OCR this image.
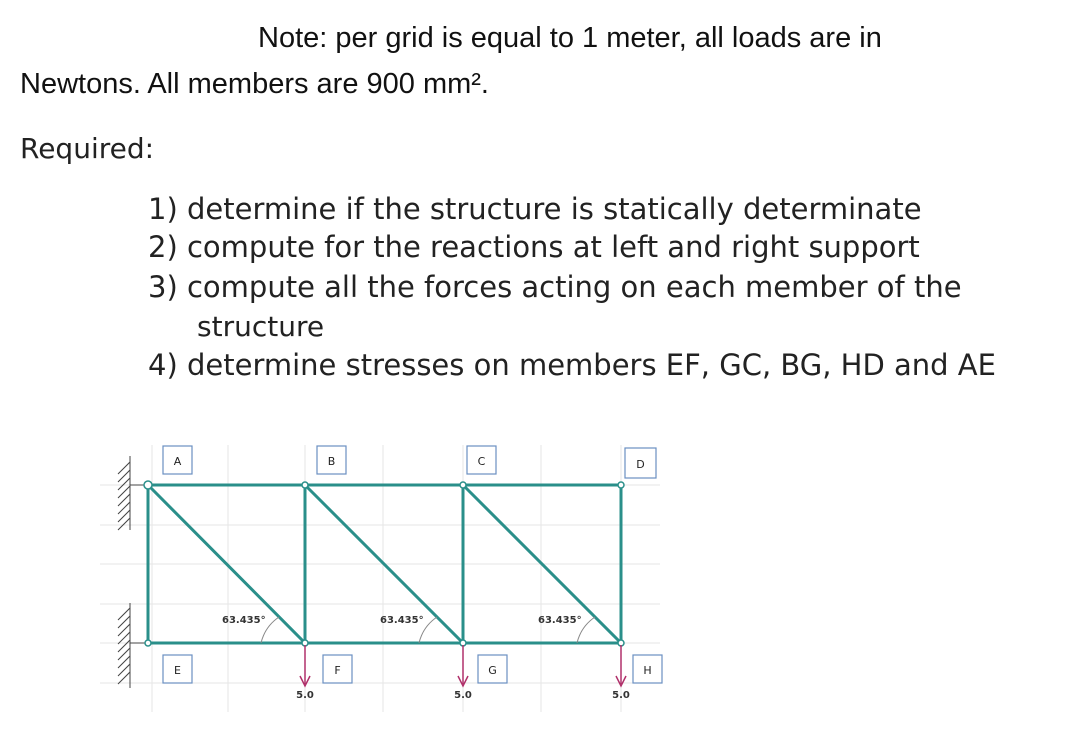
Note: per grid is equal to 1 meter, all loads are in
Newtons. All members are 900 mm².
Required:
1) determine if the structure is statically determinate
2) compute for the reactions at left and right support
3) compute all the forces acting on each member of the
structure
4) determine stresses on members EF, GC, BG, HD and AE
A	B	C	D
E	F	G	H
63.435°	63.435°	63.435°
5.0	5.0	5.0
